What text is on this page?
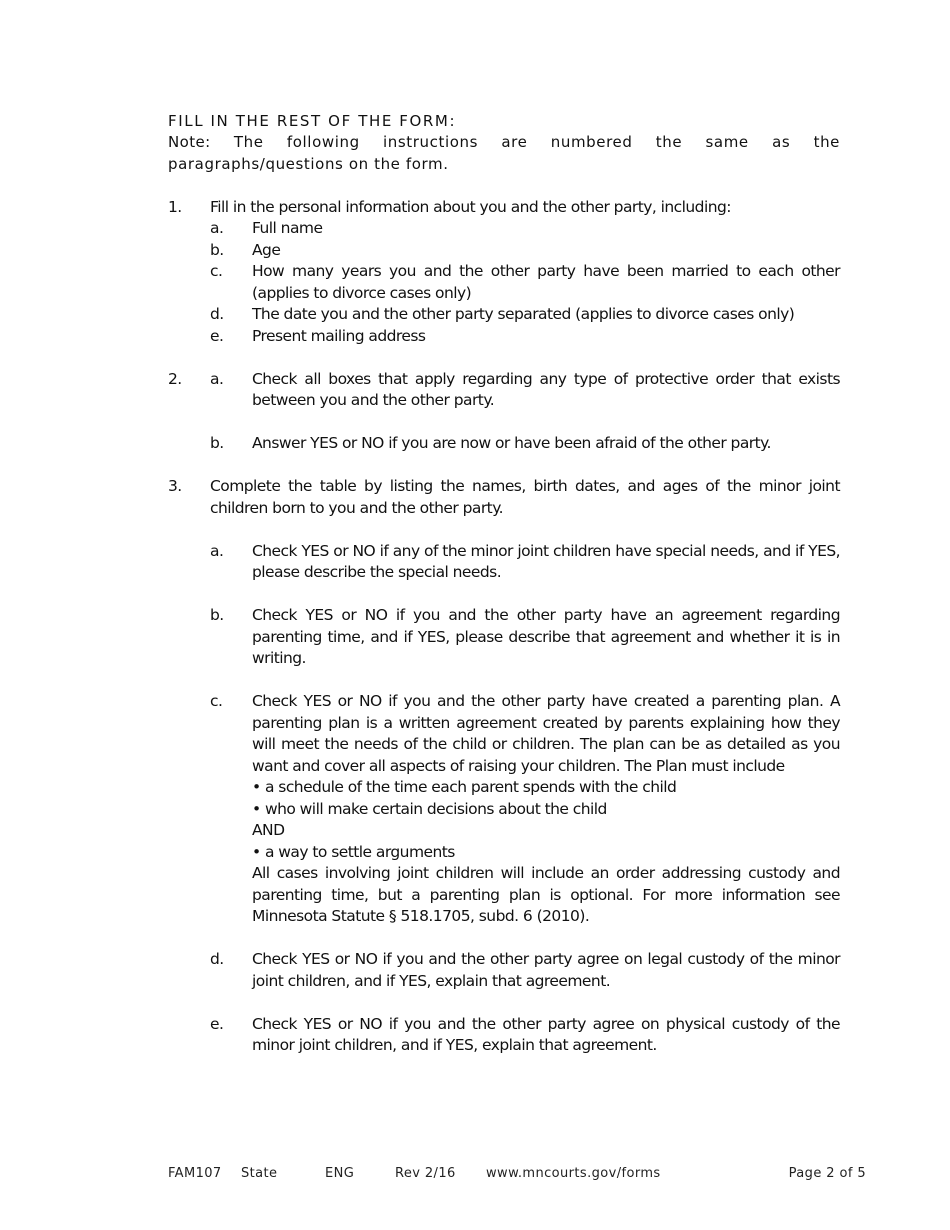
FILL IN THE REST OF THE FORM:

Note: The following instructions are numbered the same as the paragraphs/questions on the form.

1.	Fill in the personal information about you and the other party, including:
a.	Full name
b.	Age
c.	How many years you and the other party have been married to each other (applies to divorce cases only)
d.	The date you and the other party separated (applies to divorce cases only)
e.	Present mailing address
2.	a.	Check all boxes that apply regarding any type of protective order that exists between you and the other party.
b.	Answer YES or NO if you are now or have been afraid of the other party.
3.	Complete the table by listing the names, birth dates, and ages of the minor joint children born to you and the other party.
a.	Check YES or NO if any of the minor joint children have special needs, and if YES, please describe the special needs.
b.	Check YES or NO if you and the other party have an agreement regarding parenting time, and if YES, please describe that agreement and whether it is in writing.
c.	Check YES or NO if you and the other party have created a parenting plan. A parenting plan is a written agreement created by parents explaining how they will meet the needs of the child or children. The plan can be as detailed as you want and cover all aspects of raising your children. The Plan must include
• a schedule of the time each parent spends with the child
• who will make certain decisions about the child
AND
• a way to settle arguments
All cases involving joint children will include an order addressing custody and parenting time, but a parenting plan is optional. For more information see Minnesota Statute § 518.1705, subd. 6 (2010).
d.	Check YES or NO if you and the other party agree on legal custody of the minor joint children, and if YES, explain that agreement.
e.	Check YES or NO if you and the other party agree on physical custody of the minor joint children, and if YES, explain that agreement.
FAM107 State	ENG	Rev 2/16 www.mncourts.gov/forms	Page 2 of 5
